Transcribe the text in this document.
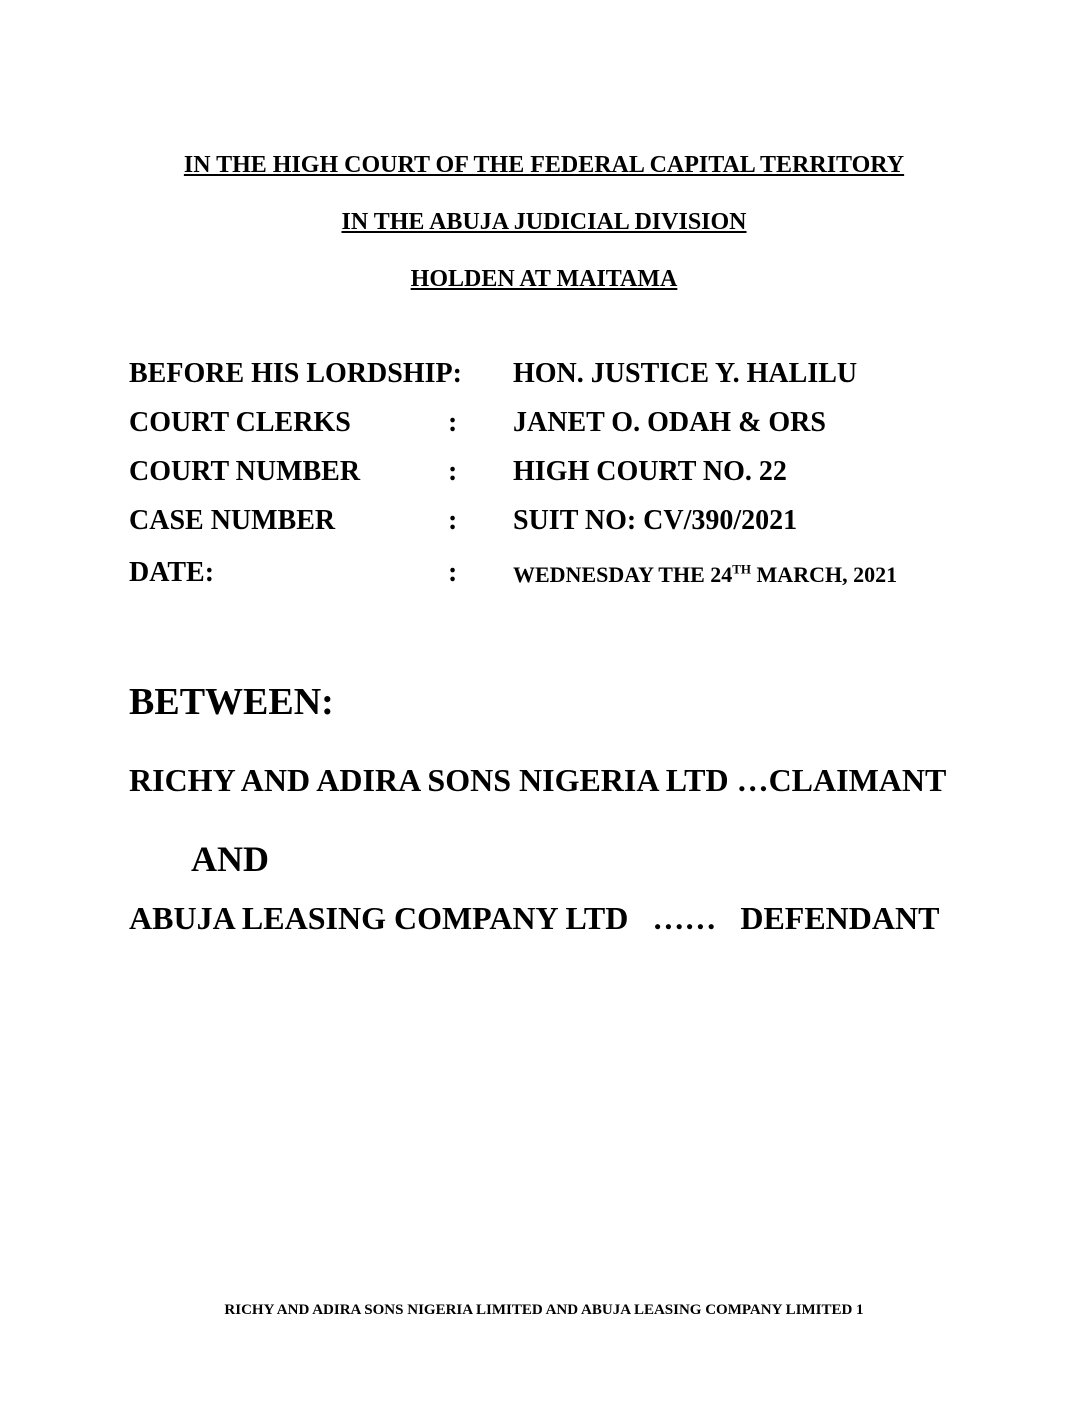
IN THE HIGH COURT OF THE FEDERAL CAPITAL TERRITORY
IN THE ABUJA JUDICIAL DIVISION
HOLDEN AT MAITAMA
BEFORE HIS LORDSHIP: HON. JUSTICE Y. HALILU
COURT CLERKS	: JANET O. ODAH & ORS
COURT NUMBER	: HIGH COURT NO. 22
CASE NUMBER	: SUIT NO: CV/390/2021
DATE:	:	WEDNESDAY THE 24TH MARCH, 2021
BETWEEN:
RICHY AND ADIRA SONS NIGERIA LTD …CLAIMANT
AND
ABUJA LEASING COMPANY LTD   ……   DEFENDANT
RICHY AND ADIRA SONS NIGERIA LIMITED AND ABUJA LEASING COMPANY LIMITED 1
